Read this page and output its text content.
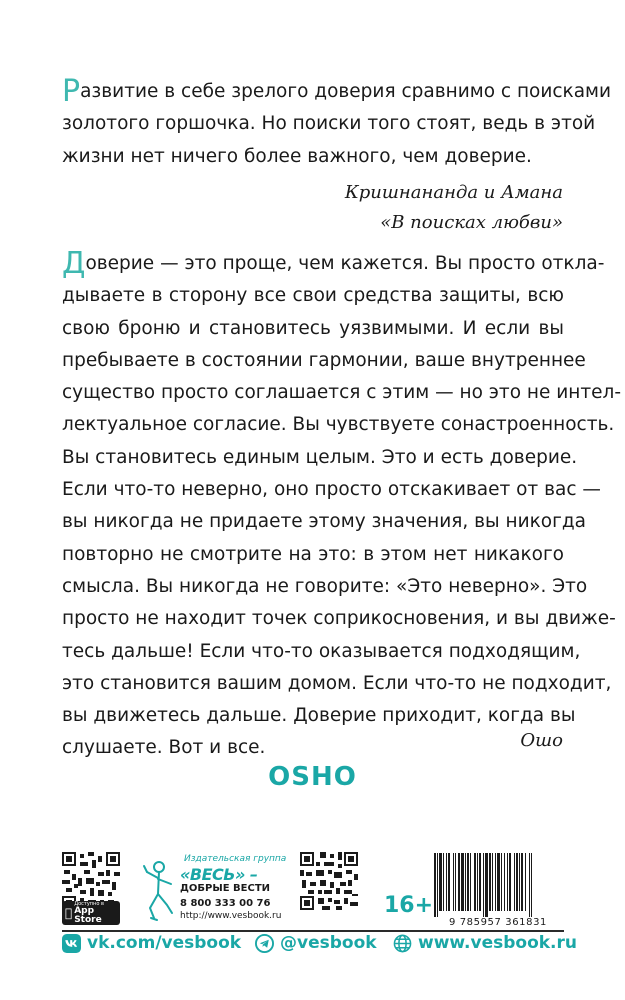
Развитие в себе зрелого доверия сравнимо с поисками
золотого горшочка. Но поиски того стоят, ведь в этой
жизни нет ничего более важного, чем доверие.
Кришнананда и Амана
«В поисках любви»
Доверие — это проще, чем кажется. Вы просто откла-
дываете в сторону все свои средства защиты, всю
свою броню и становитесь уязвимыми. И если вы
пребываете в состоянии гармонии, ваше внутреннее
существо просто соглашается с этим — но это не интел-
лектуальное согласие. Вы чувствуете сонастроенность.
Вы становитесь единым целым. Это и есть доверие.
Если что-то неверно, оно просто отскакивает от вас —
вы никогда не придаете этому значения, вы никогда
повторно не смотрите на это: в этом нет никакого
смысла. Вы никогда не говорите: «Это неверно». Это
просто не находит точек соприкосновения, и вы движе-
тесь дальше! Если что-то оказывается подходящим,
это становится вашим домом. Если что-то не подходит,
вы движетесь дальше. Доверие приходит, когда вы
слушаете. Вот и все.	Ошо
OSHO
Доступно в
App Store
Издательская группа
«ВЕСЬ» –
ДОБРЫЕ ВЕСТИ
8 800 333 00 76
http://www.vesbook.ru	16+
9 785957 361831
vk.com/vesbook @vesbook www.vesbook.ru
